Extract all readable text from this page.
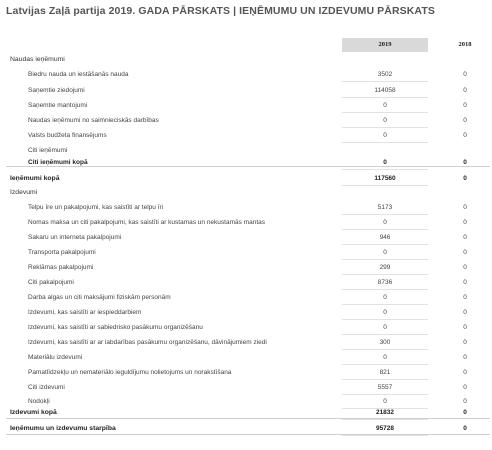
Latvijas Zaļā partija 2019. GADA PĀRSKATS | IEŅĒMUMU UN IZDEVUMU PĀRSKATS
2019	2018
Naudas ieņēmumi
Biedru nauda un iestāšanās nauda	3502	0
Saņemtie ziedojumi	114058	0
Saņemtie mantojumi	0	0
Naudas ieņēmumi no saimnieciskās darbības	0	0
Valsts budžeta finansējums	0	0
Citi ieņēmumi
Citi ieņēmumi kopā	0	0
Ieņēmumi kopā	117560	0
Izdevumi
Telpu īre un pakalpojumi, kas saistīti ar telpu īri	5173	0
Nomas maksa un citi pakalpojumi, kas saistīti ar kustamas un nekustamās mantas	0	0
Sakaru un interneta pakalpojumi	946	0
Transporta pakalpojumi	0	0
Reklāmas pakalpojumi	299	0
Citi pakalpojumi	8736	0
Darba algas un citi maksājumi fiziskām personām	0	0
Izdevumi, kas saistīti ar iespieddarbiem	0	0
Izdevumi, kas saistīti ar sabiedrisko pasākumu organizēšanu	0	0
Izdevumi, kas saistīti ar ar labdarības pasākumu organizēšanu, dāvinājumiem ziedi	300	0
Materiālu izdevumi	0	0
Pamatlīdzekļu un nemateriālo ieguldījumu nolietojums un norakstīšana	821	0
Citi izdevumi	5557	0
Nodokļi	0	0
Izdevumi kopā	21832	0
Ieņēmumu un izdevumu starpība	95728	0
